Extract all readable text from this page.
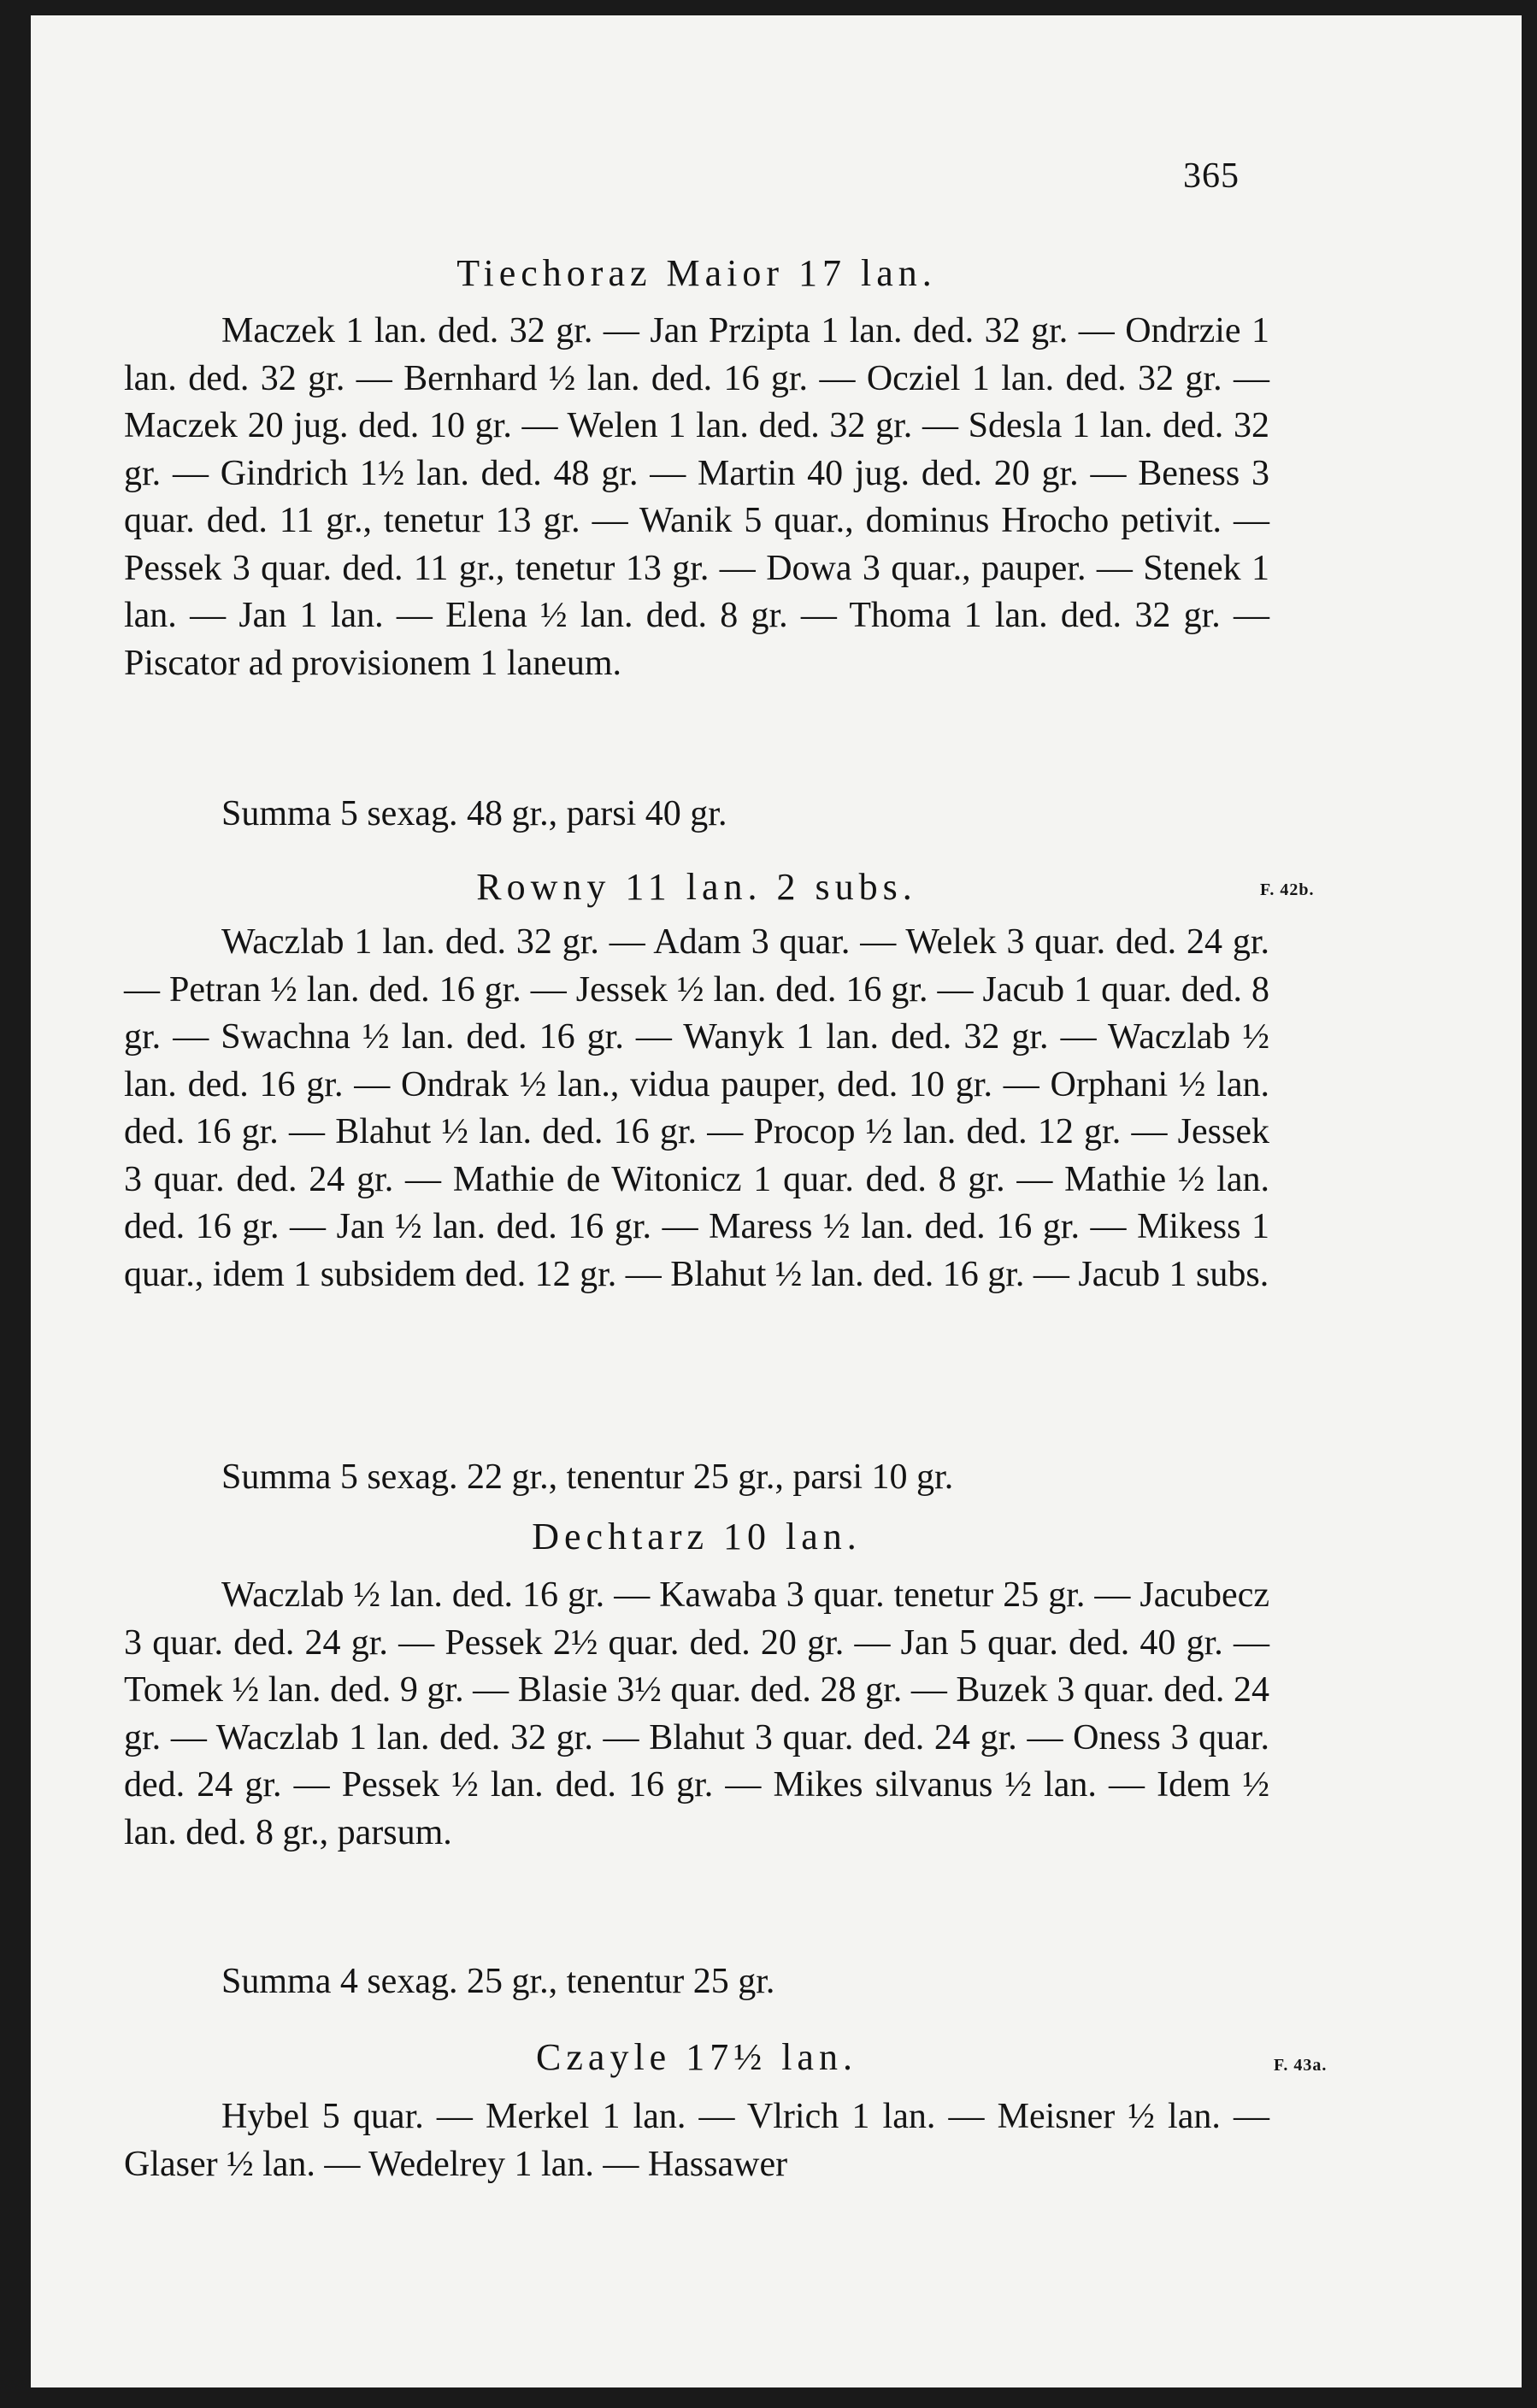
365
Tiechoraz Maior 17 lan.
Maczek 1 lan. ded. 32 gr. — Jan Przipta 1 lan. ded. 32 gr. — Ondrzie 1 lan. ded. 32 gr. — Bernhard ½ lan. ded. 16 gr. — Ocziel 1 lan. ded. 32 gr. — Maczek 20 jug. ded. 10 gr. — Welen 1 lan. ded. 32 gr. — Sdesla 1 lan. ded. 32 gr. — Gindrich 1½ lan. ded. 48 gr. — Martin 40 jug. ded. 20 gr. — Beness 3 quar. ded. 11 gr., tenetur 13 gr. — Wanik 5 quar., dominus Hrocho petivit. — Pessek 3 quar. ded. 11 gr., tenetur 13 gr. — Dowa 3 quar., pauper. — Stenek 1 lan. — Jan 1 lan. — Elena ½ lan. ded. 8 gr. — Thoma 1 lan. ded. 32 gr. — Piscator ad provisionem 1 laneum.
Summa 5 sexag. 48 gr., parsi 40 gr.
Rowny 11 lan. 2 subs.	F. 42b.
Waczlab 1 lan. ded. 32 gr. — Adam 3 quar. — Welek 3 quar. ded. 24 gr. — Petran ½ lan. ded. 16 gr. — Jessek ½ lan. ded. 16 gr. — Jacub 1 quar. ded. 8 gr. — Swachna ½ lan. ded. 16 gr. — Wanyk 1 lan. ded. 32 gr. — Waczlab ½ lan. ded. 16 gr. — Ondrak ½ lan., vidua pauper, ded. 10 gr. — Orphani ½ lan. ded. 16 gr. — Blahut ½ lan. ded. 16 gr. — Procop ½ lan. ded. 12 gr. — Jessek 3 quar. ded. 24 gr. — Mathie de Witonicz 1 quar. ded. 8 gr. — Mathie ½ lan. ded. 16 gr. — Jan ½ lan. ded. 16 gr. — Maress ½ lan. ded. 16 gr. — Mikess 1 quar., idem 1 subsidem ded. 12 gr. — Blahut ½ lan. ded. 16 gr. — Jacub 1 subs.
Summa 5 sexag. 22 gr., tenentur 25 gr., parsi 10 gr.
Dechtarz 10 lan.
Waczlab ½ lan. ded. 16 gr. — Kawaba 3 quar. tenetur 25 gr. — Jacubecz 3 quar. ded. 24 gr. — Pessek 2½ quar. ded. 20 gr. — Jan 5 quar. ded. 40 gr. — Tomek ½ lan. ded. 9 gr. — Blasie 3½ quar. ded. 28 gr. — Buzek 3 quar. ded. 24 gr. — Waczlab 1 lan. ded. 32 gr. — Blahut 3 quar. ded. 24 gr. — Oness 3 quar. ded. 24 gr. — Pessek ½ lan. ded. 16 gr. — Mikes silvanus ½ lan. — Idem ½ lan. ded. 8 gr., parsum.
Summa 4 sexag. 25 gr., tenentur 25 gr.
Czayle 17½ lan.	F. 43a.
Hybel 5 quar. — Merkel 1 lan. — Vlrich 1 lan. — Meisner ½ lan. — Glaser ½ lan. — Wedelrey 1 lan. — Hassawer
